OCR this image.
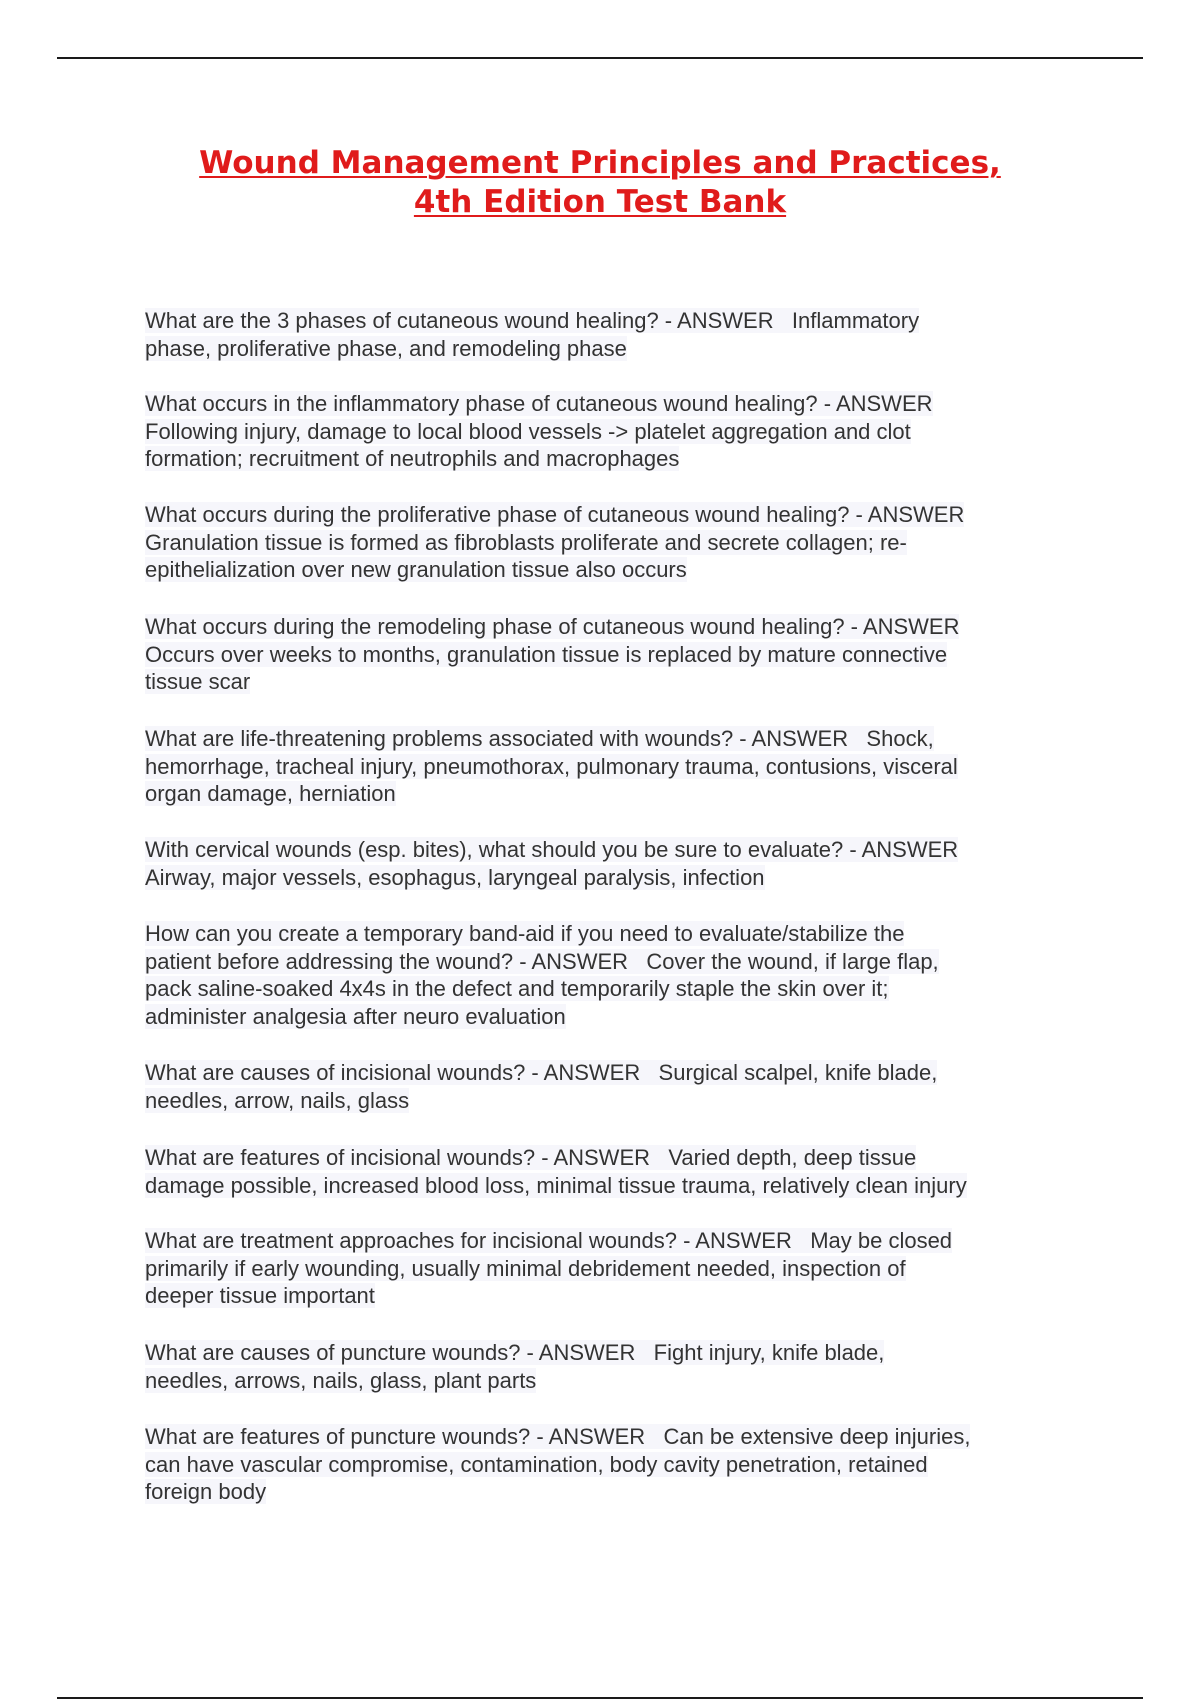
Wound Management Principles and Practices,
4th Edition Test Bank
What are the 3 phases of cutaneous wound healing? - ANSWER   Inflammatory
phase, proliferative phase, and remodeling phase
What occurs in the inflammatory phase of cutaneous wound healing? - ANSWER
Following injury, damage to local blood vessels -> platelet aggregation and clot
formation; recruitment of neutrophils and macrophages
What occurs during the proliferative phase of cutaneous wound healing? - ANSWER
Granulation tissue is formed as fibroblasts proliferate and secrete collagen; re-
epithelialization over new granulation tissue also occurs
What occurs during the remodeling phase of cutaneous wound healing? - ANSWER
Occurs over weeks to months, granulation tissue is replaced by mature connective
tissue scar
What are life-threatening problems associated with wounds? - ANSWER   Shock,
hemorrhage, tracheal injury, pneumothorax, pulmonary trauma, contusions, visceral
organ damage, herniation
With cervical wounds (esp. bites), what should you be sure to evaluate? - ANSWER
Airway, major vessels, esophagus, laryngeal paralysis, infection
How can you create a temporary band-aid if you need to evaluate/stabilize the
patient before addressing the wound? - ANSWER   Cover the wound, if large flap,
pack saline-soaked 4x4s in the defect and temporarily staple the skin over it;
administer analgesia after neuro evaluation
What are causes of incisional wounds? - ANSWER   Surgical scalpel, knife blade,
needles, arrow, nails, glass
What are features of incisional wounds? - ANSWER   Varied depth, deep tissue
damage possible, increased blood loss, minimal tissue trauma, relatively clean injury
What are treatment approaches for incisional wounds? - ANSWER   May be closed
primarily if early wounding, usually minimal debridement needed, inspection of
deeper tissue important
What are causes of puncture wounds? - ANSWER   Fight injury, knife blade,
needles, arrows, nails, glass, plant parts
What are features of puncture wounds? - ANSWER   Can be extensive deep injuries,
can have vascular compromise, contamination, body cavity penetration, retained
foreign body
